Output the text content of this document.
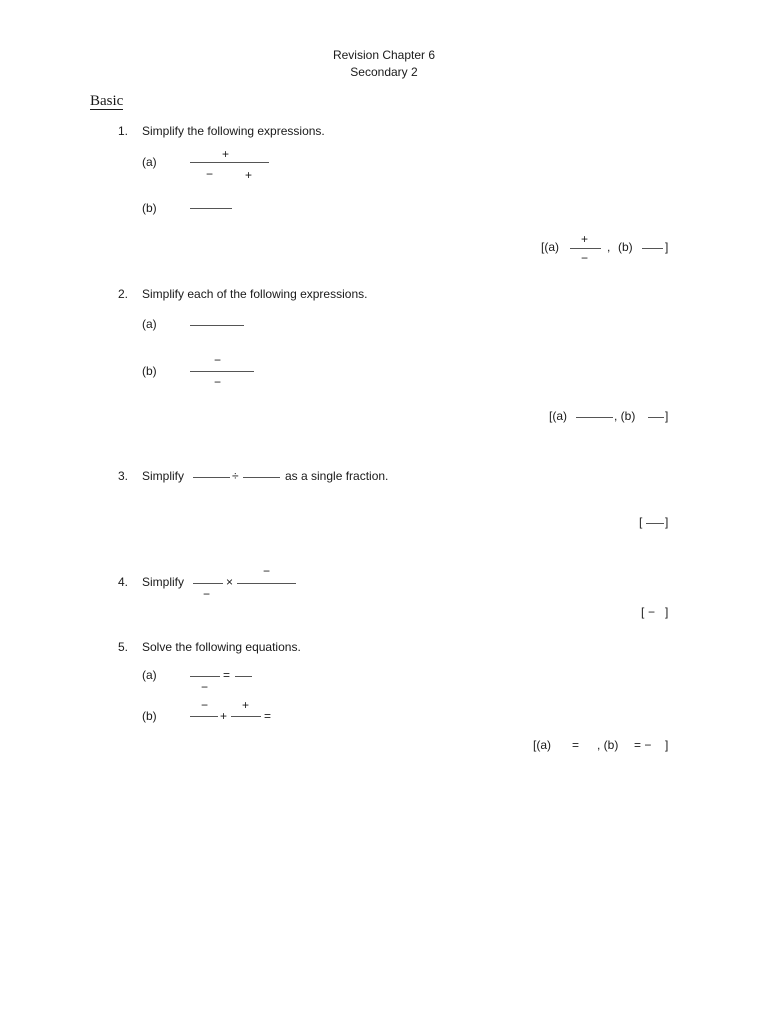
Revision Chapter 6
Secondary 2
Basic
1. Simplify the following expressions.
(a)
+
−	+
(b)
[(a)
+
−
, (b)	]
2. Simplify each of the following expressions.
(a)
(b)
−
−
[(a)	, (b) ]
3. Simplify	÷	as a single fraction.
[ ]
4. Simplify
−
×
−
[ − ]
5. Solve the following equations.
(a)
−
=
(b)
−
+
+
=
[(a) = , (b) = − ]
